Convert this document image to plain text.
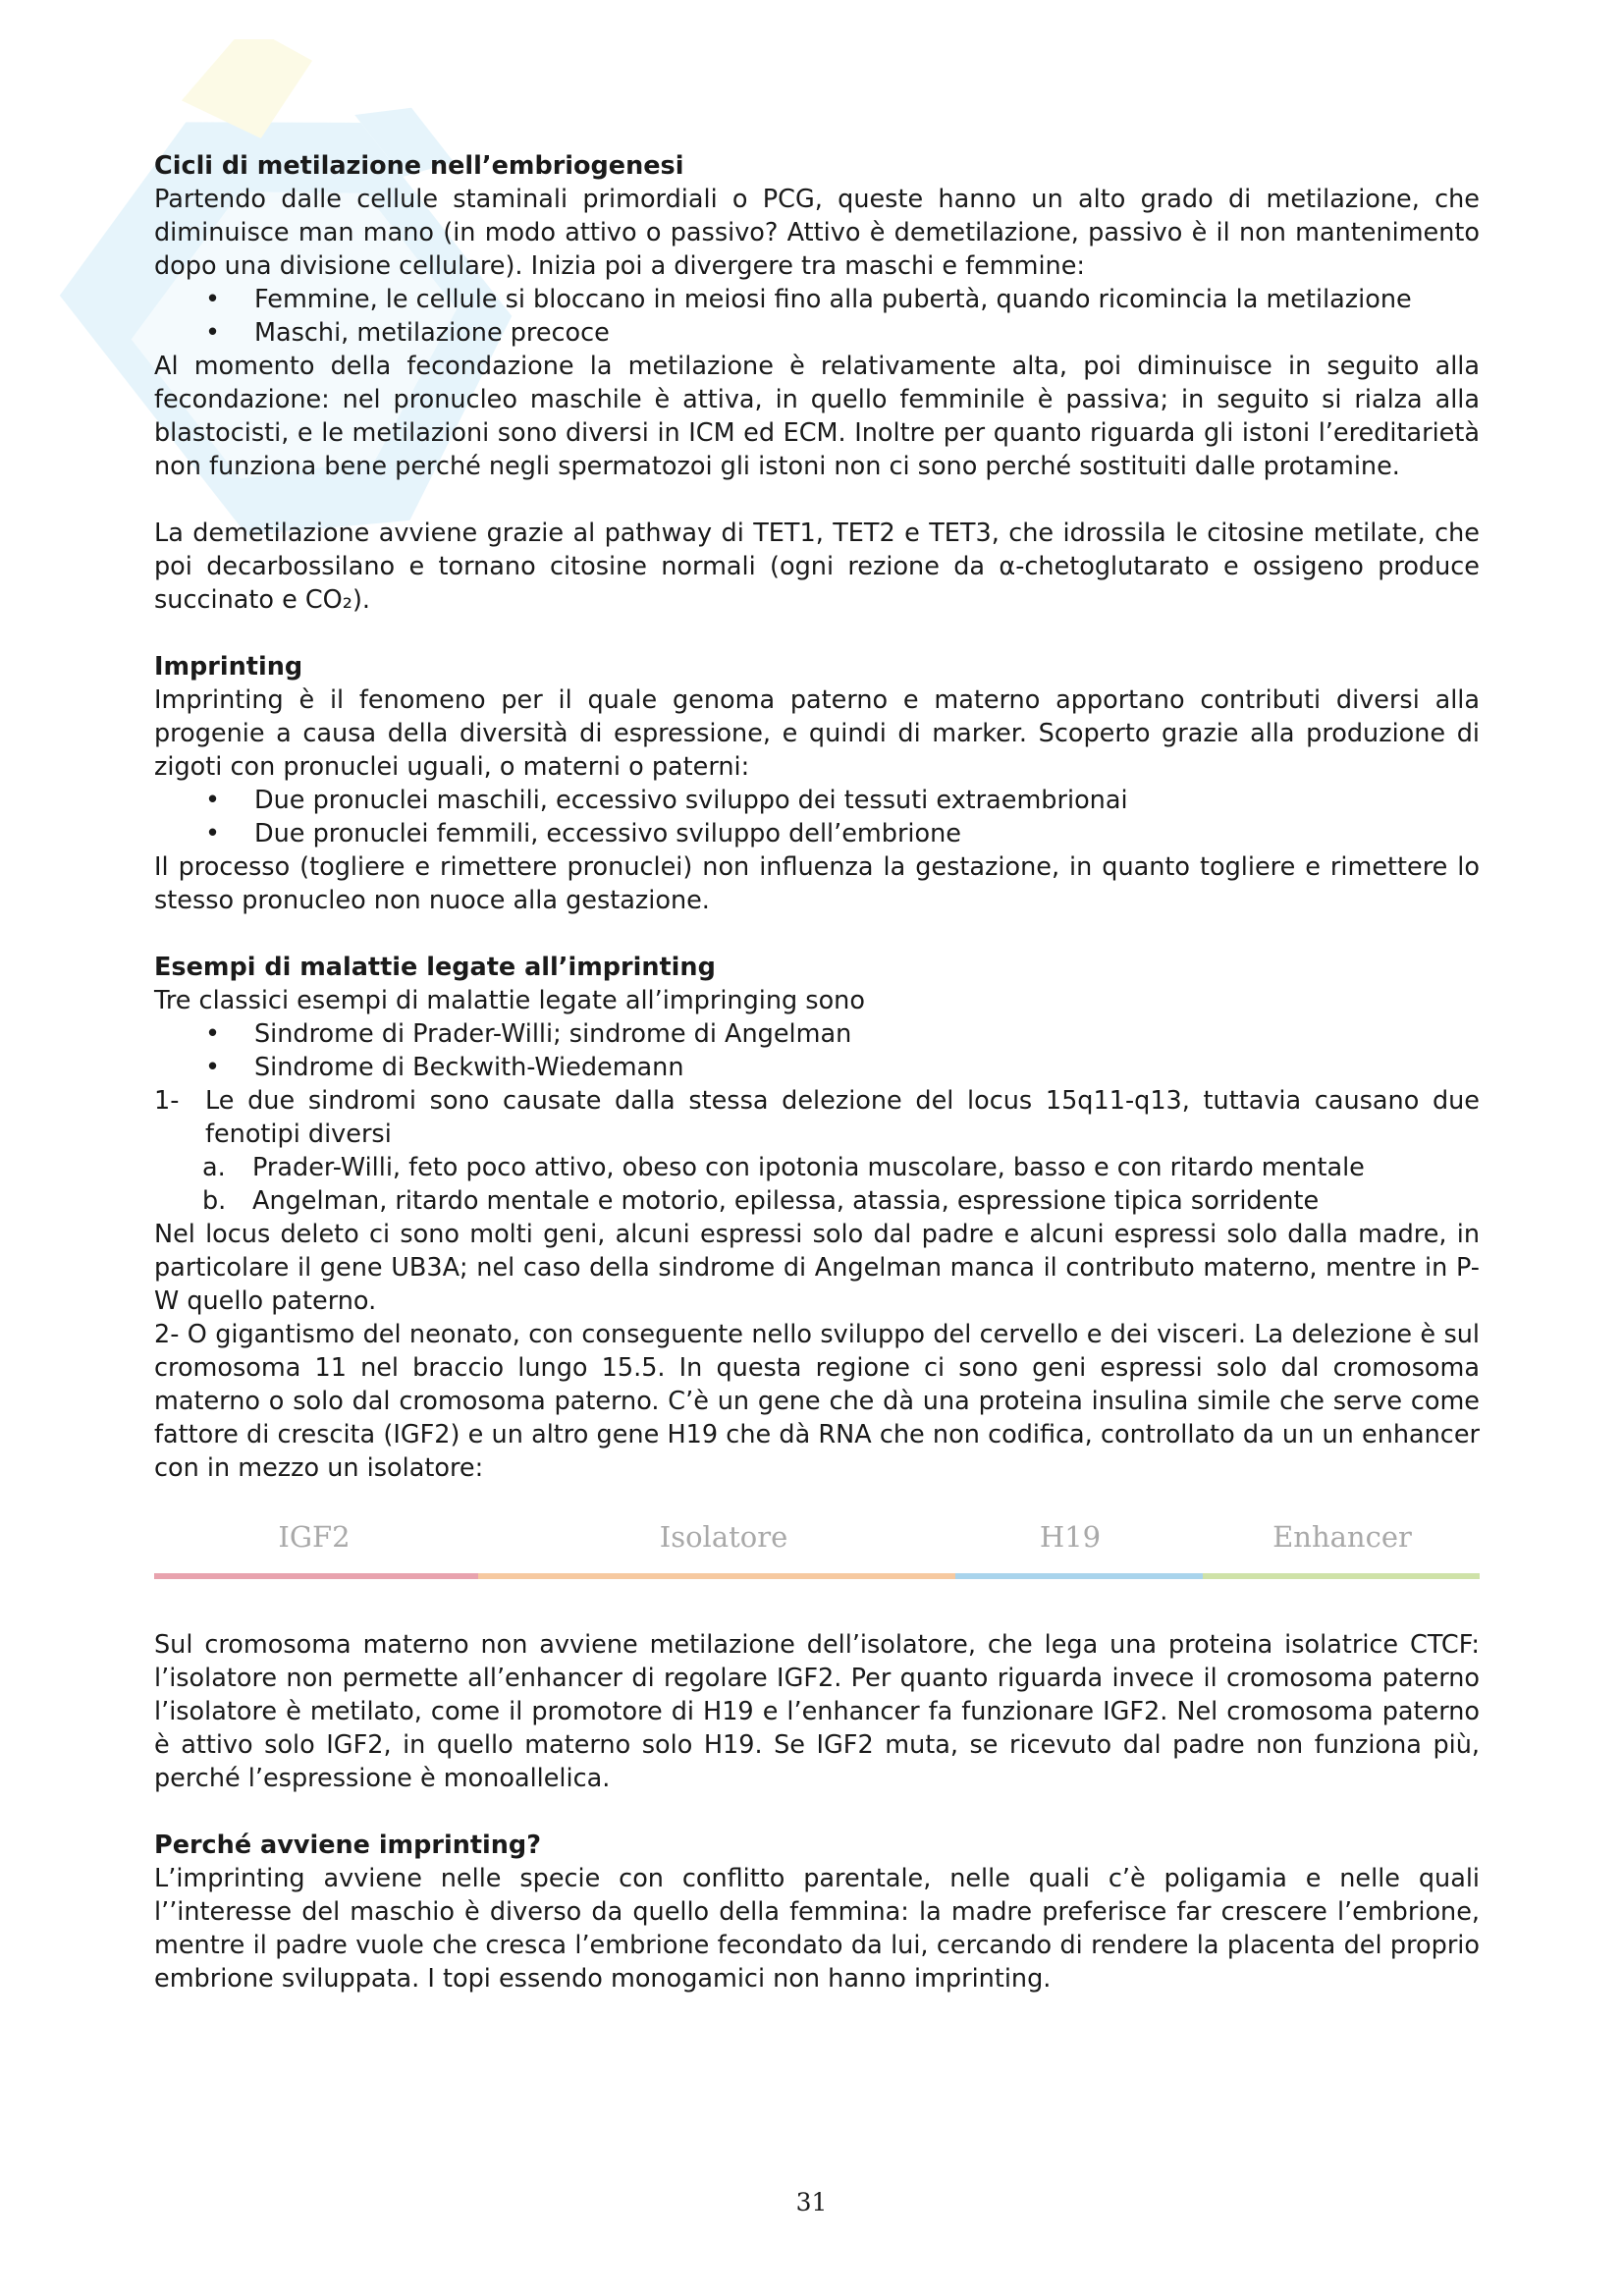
Cicli di metilazione nell’embriogenesi

Partendo dalle cellule staminali primordiali o PCG, queste hanno un alto grado di metilazione, che diminuisce man mano (in modo attivo o passivo? Attivo è demetilazione, passivo è il non mantenimento dopo una divisione cellulare). Inizia poi a divergere tra maschi e femmine:

• Femmine, le cellule si bloccano in meiosi fino alla pubertà, quando ricomincia la metilazione
• Maschi, metilazione precoce

Al momento della fecondazione la metilazione è relativamente alta, poi diminuisce in seguito alla fecondazione: nel pronucleo maschile è attiva, in quello femminile è passiva; in seguito si rialza alla blastocisti, e le metilazioni sono diversi in ICM ed ECM. Inoltre per quanto riguarda gli istoni l’ereditarietà non funziona bene perché negli spermatozoi gli istoni non ci sono perché sostituiti dalle protamine.

La demetilazione avviene grazie al pathway di TET1, TET2 e TET3, che idrossila le citosine metilate, che poi decarbossilano e tornano citosine normali (ogni rezione da α-chetoglutarato e ossigeno produce succinato e CO₂).

Imprinting

Imprinting è il fenomeno per il quale genoma paterno e materno apportano contributi diversi alla progenie a causa della diversità di espressione, e quindi di marker. Scoperto grazie alla produzione di zigoti con pronuclei uguali, o materni o paterni:

• Due pronuclei maschili, eccessivo sviluppo dei tessuti extraembrionai
• Due pronuclei femmili, eccessivo sviluppo dell’embrione

Il processo (togliere e rimettere pronuclei) non influenza la gestazione, in quanto togliere e rimettere lo stesso pronucleo non nuoce alla gestazione.

Esempi di malattie legate all’imprinting

Tre classici esempi di malattie legate all’impringing sono

• Sindrome di Prader-Willi; sindrome di Angelman
• Sindrome di Beckwith-Wiedemann
1- Le due sindromi sono causate dalla stessa delezione del locus 15q11-q13, tuttavia causano due fenotipi diversi
a. Prader-Willi, feto poco attivo, obeso con ipotonia muscolare, basso e con ritardo mentale
b. Angelman, ritardo mentale e motorio, epilessa, atassia, espressione tipica sorridente

Nel locus deleto ci sono molti geni, alcuni espressi solo dal padre e alcuni espressi solo dalla madre, in particolare il gene UB3A; nel caso della sindrome di Angelman manca il contributo materno, mentre in P-W quello paterno.

2- O gigantismo del neonato, con conseguente nello sviluppo del cervello e dei visceri. La delezione è sul cromosoma 11 nel braccio lungo 15.5. In questa regione ci sono geni espressi solo dal cromosoma materno o solo dal cromosoma paterno. C’è un gene che dà una proteina insulina simile che serve come fattore di crescita (IGF2) e un altro gene H19 che dà RNA che non codifica, controllato da un un enhancer con in mezzo un isolatore:

IGF2	Isolatore	H19	Enhancer

Sul cromosoma materno non avviene metilazione dell’isolatore, che lega una proteina isolatrice CTCF: l’isolatore non permette all’enhancer di regolare IGF2. Per quanto riguarda invece il cromosoma paterno l’isolatore è metilato, come il promotore di H19 e l’enhancer fa funzionare IGF2. Nel cromosoma paterno è attivo solo IGF2, in quello materno solo H19. Se IGF2 muta, se ricevuto dal padre non funziona più, perché l’espressione è monoallelica.

Perché avviene imprinting?

L’imprinting avviene nelle specie con conflitto parentale, nelle quali c’è poligamia e nelle quali l’’interesse del maschio è diverso da quello della femmina: la madre preferisce far crescere l’embrione, mentre il padre vuole che cresca l’embrione fecondato da lui, cercando di rendere la placenta del proprio embrione sviluppata. I topi essendo monogamici non hanno imprinting.

31
